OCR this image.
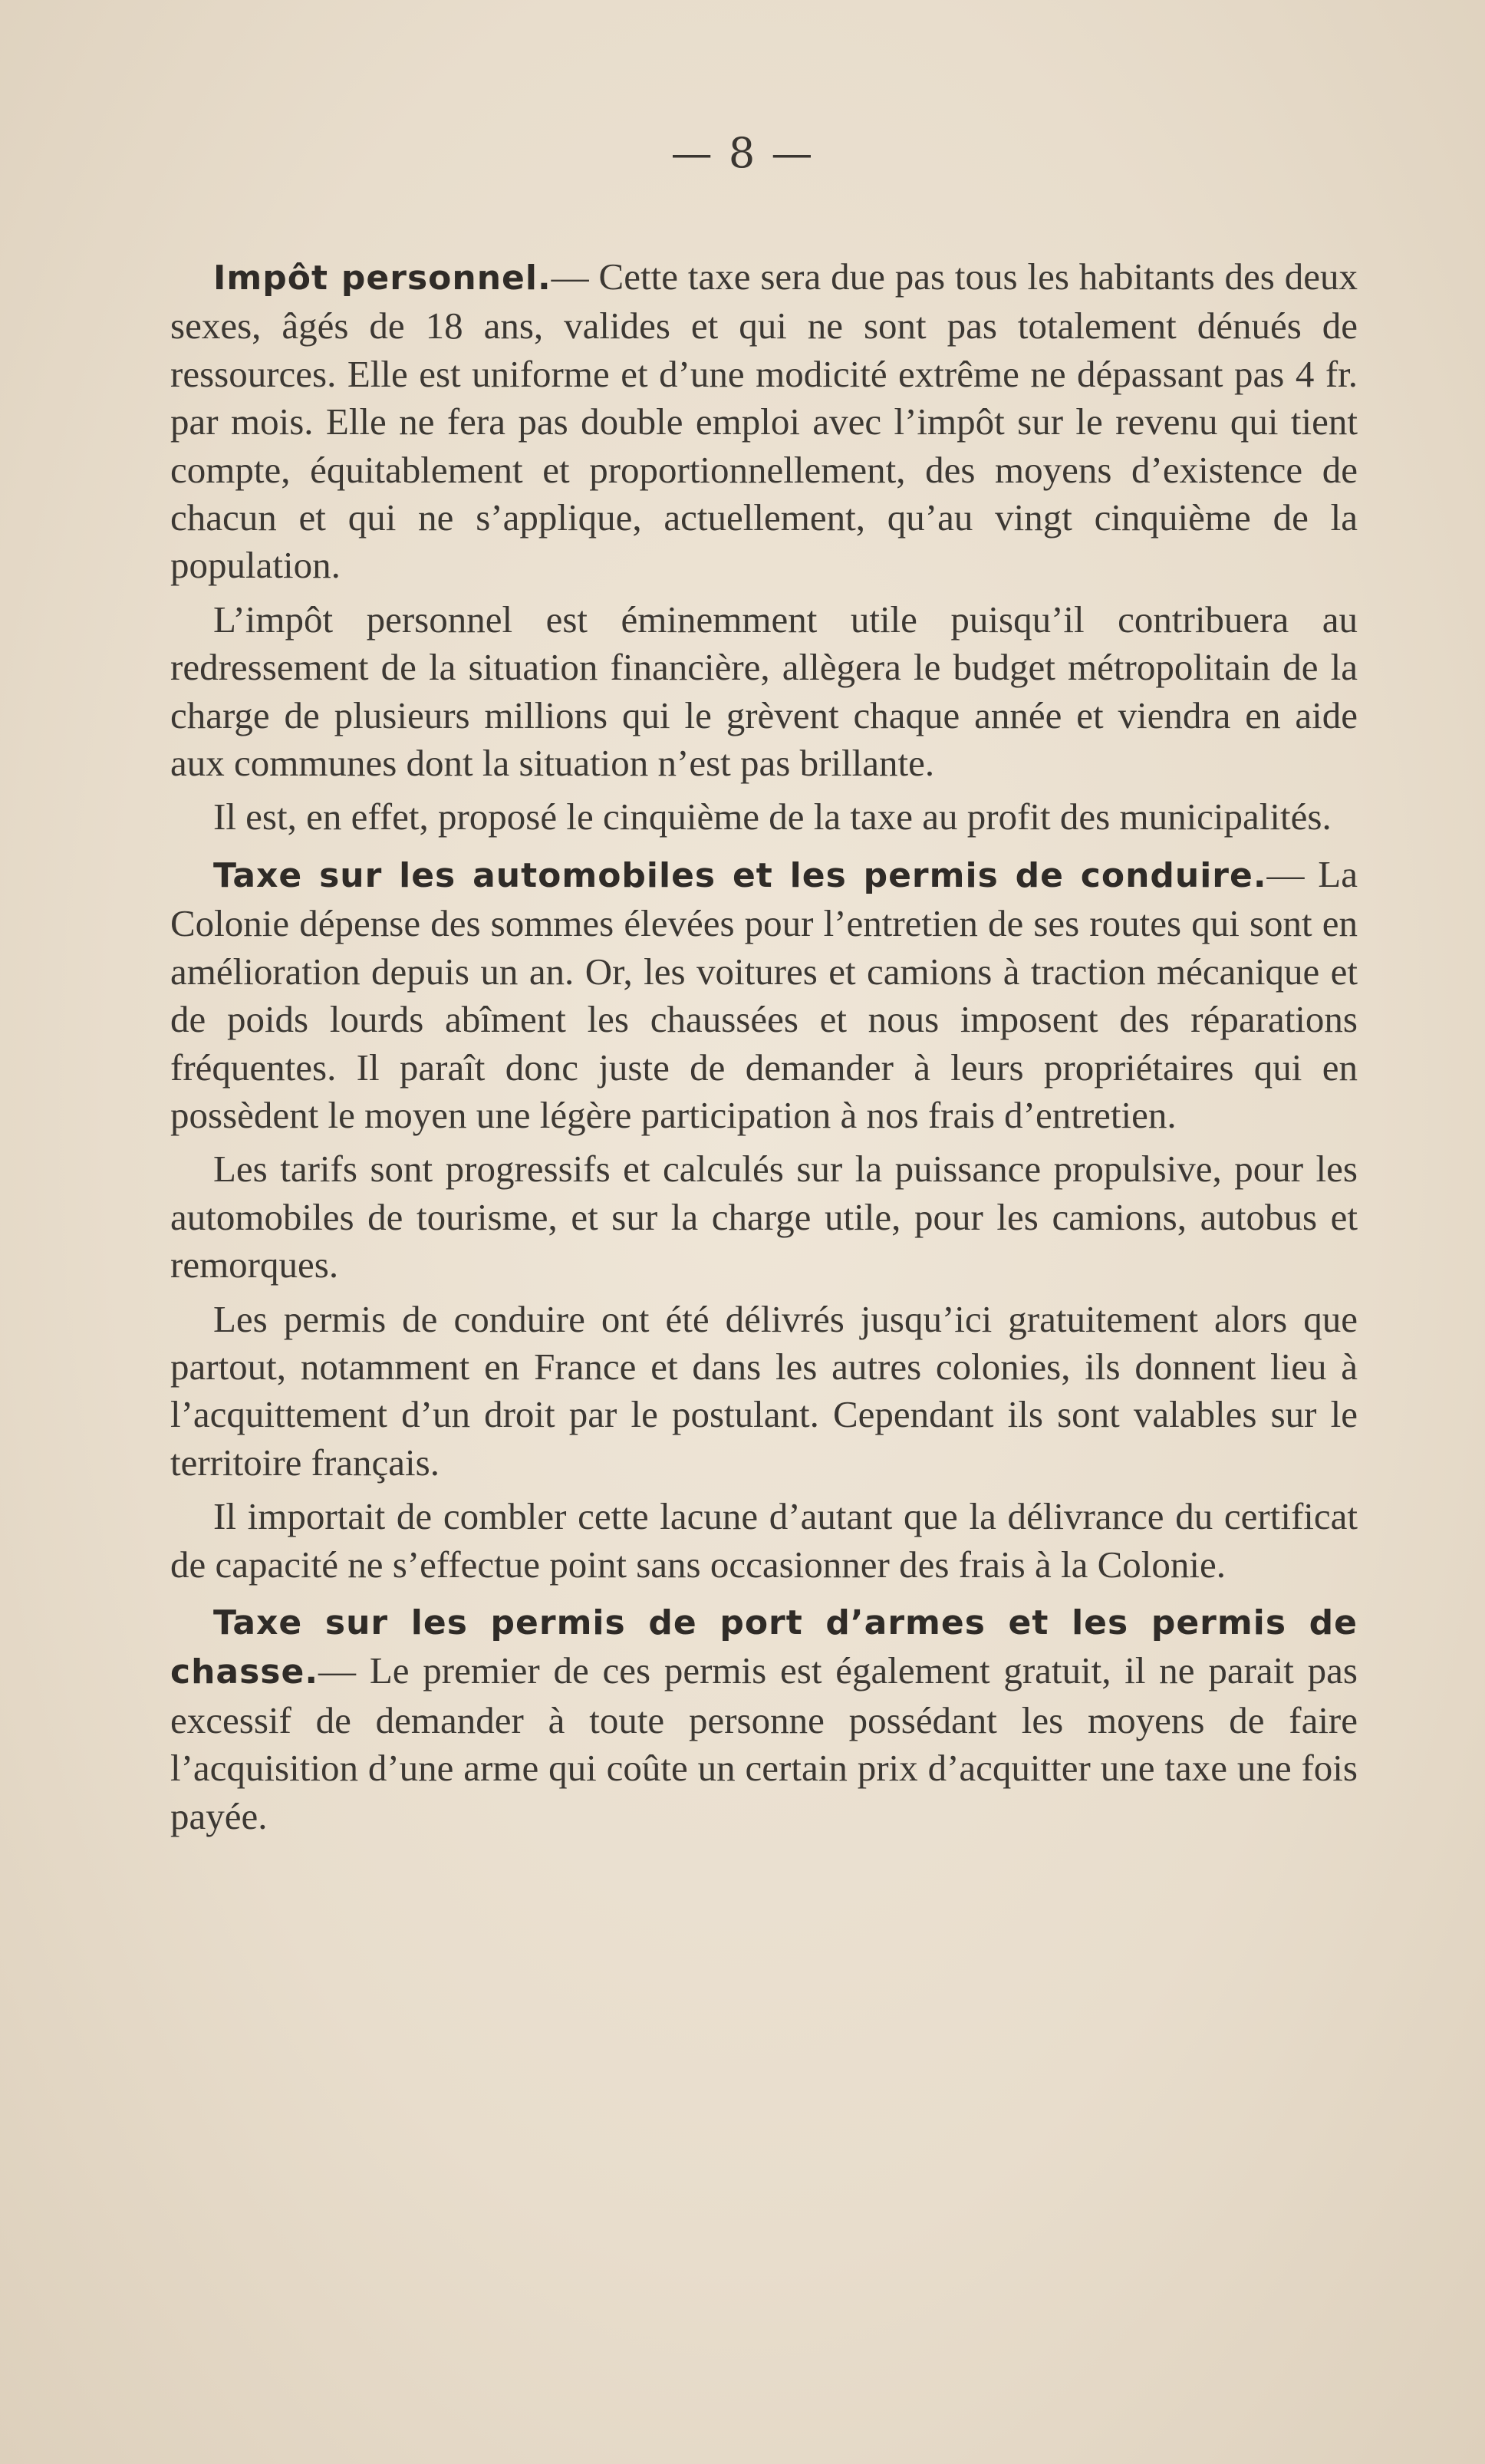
— 8 —

Impôt personnel.— Cette taxe sera due pas tous les habitants des deux sexes, âgés de 18 ans, valides et qui ne sont pas totalement dénués de ressources. Elle est uniforme et d’une modicité extrême ne dépassant pas 4 fr. par mois. Elle ne fera pas double emploi avec l’impôt sur le revenu qui tient compte, équitablement et proportionnellement, des moyens d’existence de chacun et qui ne s’applique, actuellement, qu’au vingt cinquième de la population.

L’impôt personnel est éminemment utile puisqu’il contribuera au redressement de la situation financière, allègera le budget métropolitain de la charge de plusieurs millions qui le grèvent chaque année et viendra en aide aux communes dont la situation n’est pas brillante.

Il est, en effet, proposé le cinquième de la taxe au profit des municipalités.

Taxe sur les automobiles et les permis de conduire.— La Colonie dépense des sommes élevées pour l’entretien de ses routes qui sont en amélioration depuis un an. Or, les voitures et camions à traction mécanique et de poids lourds abîment les chaussées et nous imposent des réparations fréquentes. Il paraît donc juste de demander à leurs propriétaires qui en possèdent le moyen une légère participation à nos frais d’entretien.

Les tarifs sont progressifs et calculés sur la puissance propulsive, pour les automobiles de tourisme, et sur la charge utile, pour les camions, autobus et remorques.

Les permis de conduire ont été délivrés jusqu’ici gratuitement alors que partout, notamment en France et dans les autres colonies, ils donnent lieu à l’acquittement d’un droit par le postulant. Cependant ils sont valables sur le territoire français.

Il importait de combler cette lacune d’autant que la délivrance du certificat de capacité ne s’effectue point sans occasionner des frais à la Colonie.

Taxe sur les permis de port d’armes et les permis de chasse.— Le premier de ces permis est également gratuit, il ne parait pas excessif de demander à toute personne possédant les moyens de faire l’acquisition d’une arme qui coûte un certain prix d’acquitter une taxe une fois payée.
